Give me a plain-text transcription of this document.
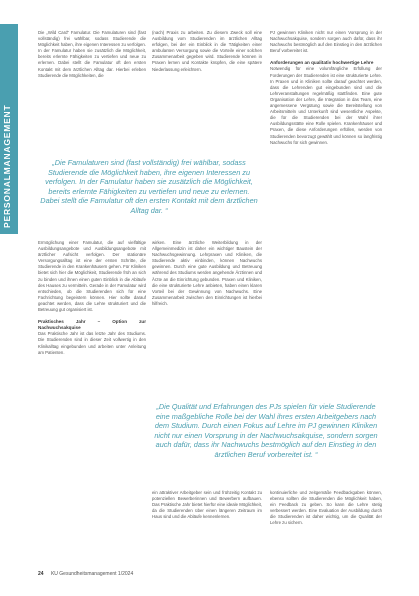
PERSONALMANAGEMENT

Die „Wild Card“ Famulatur. Die Famulaturen sind (fast vollständig) frei wählbar, sodass Studierende die Möglichkeit haben, ihre eigenen Interessen zu verfolgen. In der Famulatur haben sie zusätzlich die Möglichkeit, bereits erlernte Fähigkeiten zu vertiefen und neue zu erlernen. Dabei stellt die Famulatur oft den ersten Kontakt mit dem ärztlichen Alltag dar. Hierbei erleben Studierende die Möglichkeiten, die

(nach) Praxis zu arbeiten. Zu diesem Zweck soll eine Ausbildung vom Studierenden im ärztlichen Alltag erfolgen, bei der ein Einblick in die Tätigkeiten einer ambulanten Versorgung sowie die Vorteile einer solchen Zusammenarbeit gegeben wird. Studierende können in Praxen lernen und Kontakte knüpfen, die eine spätere Niederlassung erleichtern.

PJ gewinnen Kliniken nicht nur einen Vorsprung in der Nachwuchsakquise, sondern sorgen auch dafür, dass ihr Nachwuchs bestmöglich auf den Einstieg in den ärztlichen Beruf vorbereitet ist.

Anforderungen an qualitativ hochwertige Lehre

Notwendig für eine volumfängliche Erfüllung der Forderungen der Studierenden ist eine strukturierte Lehre. In Praxen und in Kliniken sollte darauf geachtet werden, dass die Lehrenden gut eingebunden sind und die Lehrveranstaltungen regelmäßig stattfinden. Eine gute Organisation der Lehre, die Integration in das Team, eine angemessene Vergütung sowie die Bereitstellung von Arbeitsmitteln und Unterkunft sind wesentliche Aspekte, die für die Studierenden bei der Wahl ihrer Ausbildungsstätte eine Rolle spielen. Krankenhäuser und Praxen, die diese Anforderungen erfüllen, werden von Studierenden bevorzugt gewählt und können so langfristig Nachwuchs für sich gewinnen.

„Die Famulaturen sind (fast vollständig) frei wählbar, sodass Studierende die Möglichkeit haben, ihre eigenen Interessen zu verfolgen. In der Famulatur haben sie zusätzlich die Möglichkeit, bereits erlernte Fähigkeiten zu vertiefen und neue zu erlernen. Dabei stellt die Famulatur oft den ersten Kontakt mit dem ärztlichen Alltag dar. “

Ermöglichung einer Famulatur, die auf vielfältige Ausbildungsangebote und Ausbildungsangebote mit ärztlicher Aufsicht verfolgen. Der stationäre Versorgungsalltag ist eine der ersten Schritte, die Studierende in den Krankenhäusern gehen. Für Kliniken bietet sich hier die Möglichkeit, Studierende früh an sich zu binden und ihnen einen guten Einblick in die Abläufe des Hauses zu vermitteln. Gerade in der Famulatur wird entschieden, ob die Studierenden sich für eine Fachrichtung begeistern können. Hier sollte darauf geachtet werden, dass die Lehre strukturiert und die Betreuung gut organisiert ist.

Praktisches Jahr – Option zur Nachwuchsakquise

Das Praktische Jahr ist das letzte Jahr des Studiums. Die Studierenden sind in dieser Zeit vollwertig in den Klinikalltag eingebunden und arbeiten unter Anleitung am Patienten.

wirken. Eine ärztliche Weiterbildung in der Allgemeinmedizin ist daher ein wichtiger Baustein der Nachwuchsgewinnung. Lehrpraxen und Kliniken, die Studierende aktiv einbinden, können Nachwuchs gewinnen. Durch eine gute Ausbildung und Betreuung während des Studiums werden angehende Ärztinnen und Ärzte an die Einrichtung gebunden. Praxen und Kliniken, die eine strukturierte Lehre anbieten, haben einen klaren Vorteil bei der Gewinnung von Nachwuchs. Eine Zusammenarbeit zwischen den Einrichtungen ist hierbei hilfreich.

„Die Qualität und Erfahrungen des PJs spielen für viele Studierende eine maßgebliche Rolle bei der Wahl ihres ersten Arbeitgebers nach dem Studium. Durch einen Fokus auf Lehre im PJ gewinnen Kliniken nicht nur einen Vorsprung in der Nachwuchsakquise, sondern sorgen auch dafür, dass ihr Nachwuchs bestmöglich auf den Einstieg in den ärztlichen Beruf vorbereitet ist. “

ein attraktiver Arbeitgeber sein und frühzeitig Kontakt zu potenziellen Bewerberinnen und Bewerbern aufbauen. Das Praktische Jahr bietet hierfür eine ideale Möglichkeit, da die Studierenden über einen längeren Zeitraum im Haus sind und die Abläufe kennenlernen.

kontinuierliche und zeitgemäße Feedbackgaben können, ebenso sollten die Studierenden die Möglichkeit haben, ein Feedback zu geben. So kann die Lehre stetig verbessert werden. Eine Evaluation der Ausbildung durch die Studierenden ist daher wichtig, um die Qualität der Lehre zu sichern.

24 KU Gesundheitsmanagement 1/2024
